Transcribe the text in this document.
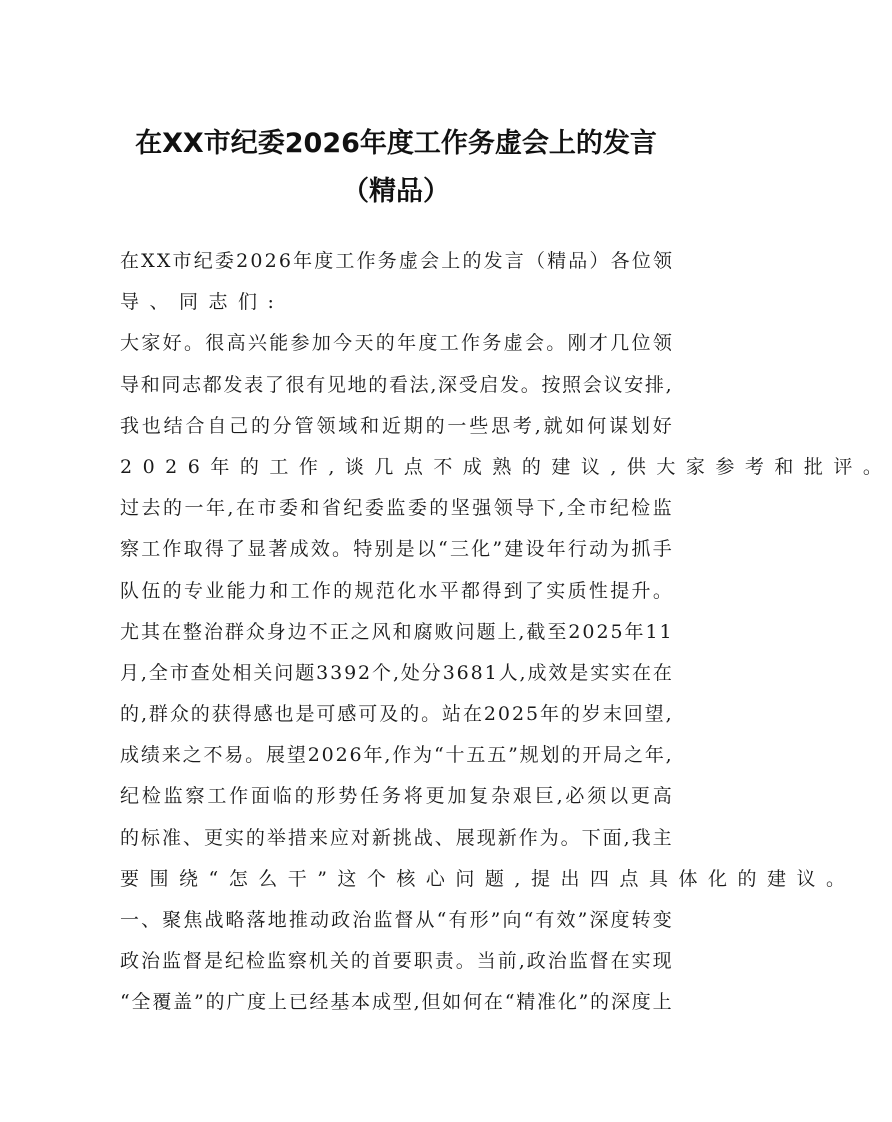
在XX市纪委2026年度工作务虚会上的发言
（精品）
在 X X 市 纪 委 2 0 2 6 年 度 工 作 务 虚 会 上 的 发 言 （ 精 品 ） 各 位 领
导、同志们:
大 家 好 。 很 高 兴 能 参 加 今 天 的 年 度 工 作 务 虚 会 。 刚 才 几 位 领
导 和 同 志 都 发 表 了 很 有 见 地 的 看 法 , 深 受 启 发 。 按 照 会 议 安 排 ,
我 也 结 合 自 己 的 分 管 领 域 和 近 期 的 一 些 思 考 , 就 如 何 谋 划 好
2026年的工作,谈几点不成熟的建议,供大家参考和批评。
过 去 的 一 年 , 在 市 委 和 省 纪 委 监 委 的 坚 强 领 导 下 , 全 市 纪 检 监
察 工 作 取 得 了 显 著 成 效 。 特 别 是 以 “ 三 化 ” 建 设 年 行 动 为 抓 手
队 伍 的 专 业 能 力 和 工 作 的 规 范 化 水 平 都 得 到 了 实 质 性 提 升 。
尤 其 在 整 治 群 众 身 边 不 正 之 风 和 腐 败 问 题 上 , 截 至 2 0 2 5 年 1 1
月 , 全 市 查 处 相 关 问 题 3 3 9 2 个 , 处 分 3 6 8 1 人 , 成 效 是 实 实 在 在
的 , 群 众 的 获 得 感 也 是 可 感 可 及 的 。 站 在 2 0 2 5 年 的 岁 末 回 望 ,
成 绩 来 之 不 易 。 展 望 2 0 2 6 年 , 作 为 “ 十 五 五 ” 规 划 的 开 局 之 年 ,
纪 检 监 察 工 作 面 临 的 形 势 任 务 将 更 加 复 杂 艰 巨 , 必 须 以 更 高
的 标 准 、 更 实 的 举 措 来 应 对 新 挑 战 、 展 现 新 作 为 。 下 面 , 我 主
要围绕“怎么干”这个核心问题,提出四点具体化的建议。
一 、 聚 焦 战 略 落 地 推 动 政 治 监 督 从 “ 有 形 ” 向 “ 有 效 ” 深 度 转 变
政 治 监 督 是 纪 检 监 察 机 关 的 首 要 职 责 。 当 前 , 政 治 监 督 在 实 现
“ 全 覆 盖 ” 的 广 度 上 已 经 基 本 成 型 , 但 如 何 在 “ 精 准 化 ” 的 深 度 上
